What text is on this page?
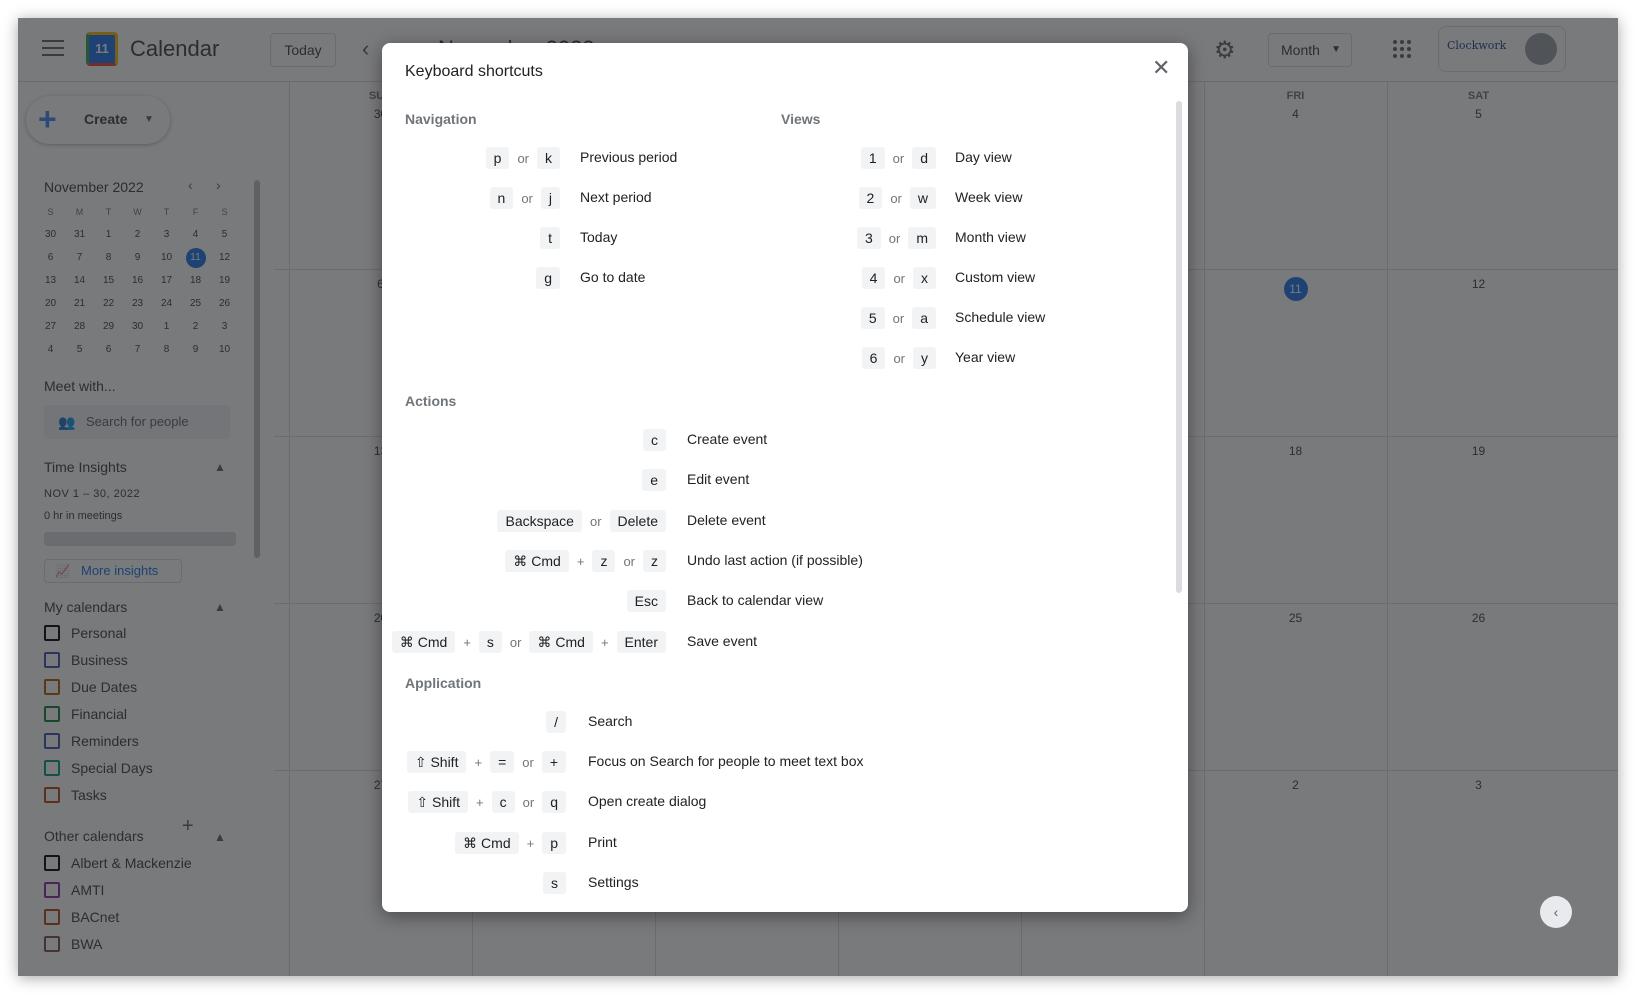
‹
Keyboard shortcuts	✕
Navigation	Views
Actions
c	Create event
e	Edit event
Backspace	or	Delete	Delete event
⌘ Cmd	+	z	or	z	Undo last action (if possible)
Esc	Back to calendar view
⌘ Cmd	+	s	or	⌘ Cmd	+	Enter	Save event
Application
/	Search
⇧ Shift	+	=	or	+	Focus on Search for people to meet text box
⇧ Shift	+	c	or	q	Open create dialog
⌘ Cmd	+	p	Print
s	Settings
p	or	k	Previous period
n	or	j	Next period
t	Today
g	Go to date
1	or	d	Day view
2	or	w	Week view
3	or	m	Month view
4	or	x	Custom view
5	or	a	Schedule view
6	or	y	Year view
